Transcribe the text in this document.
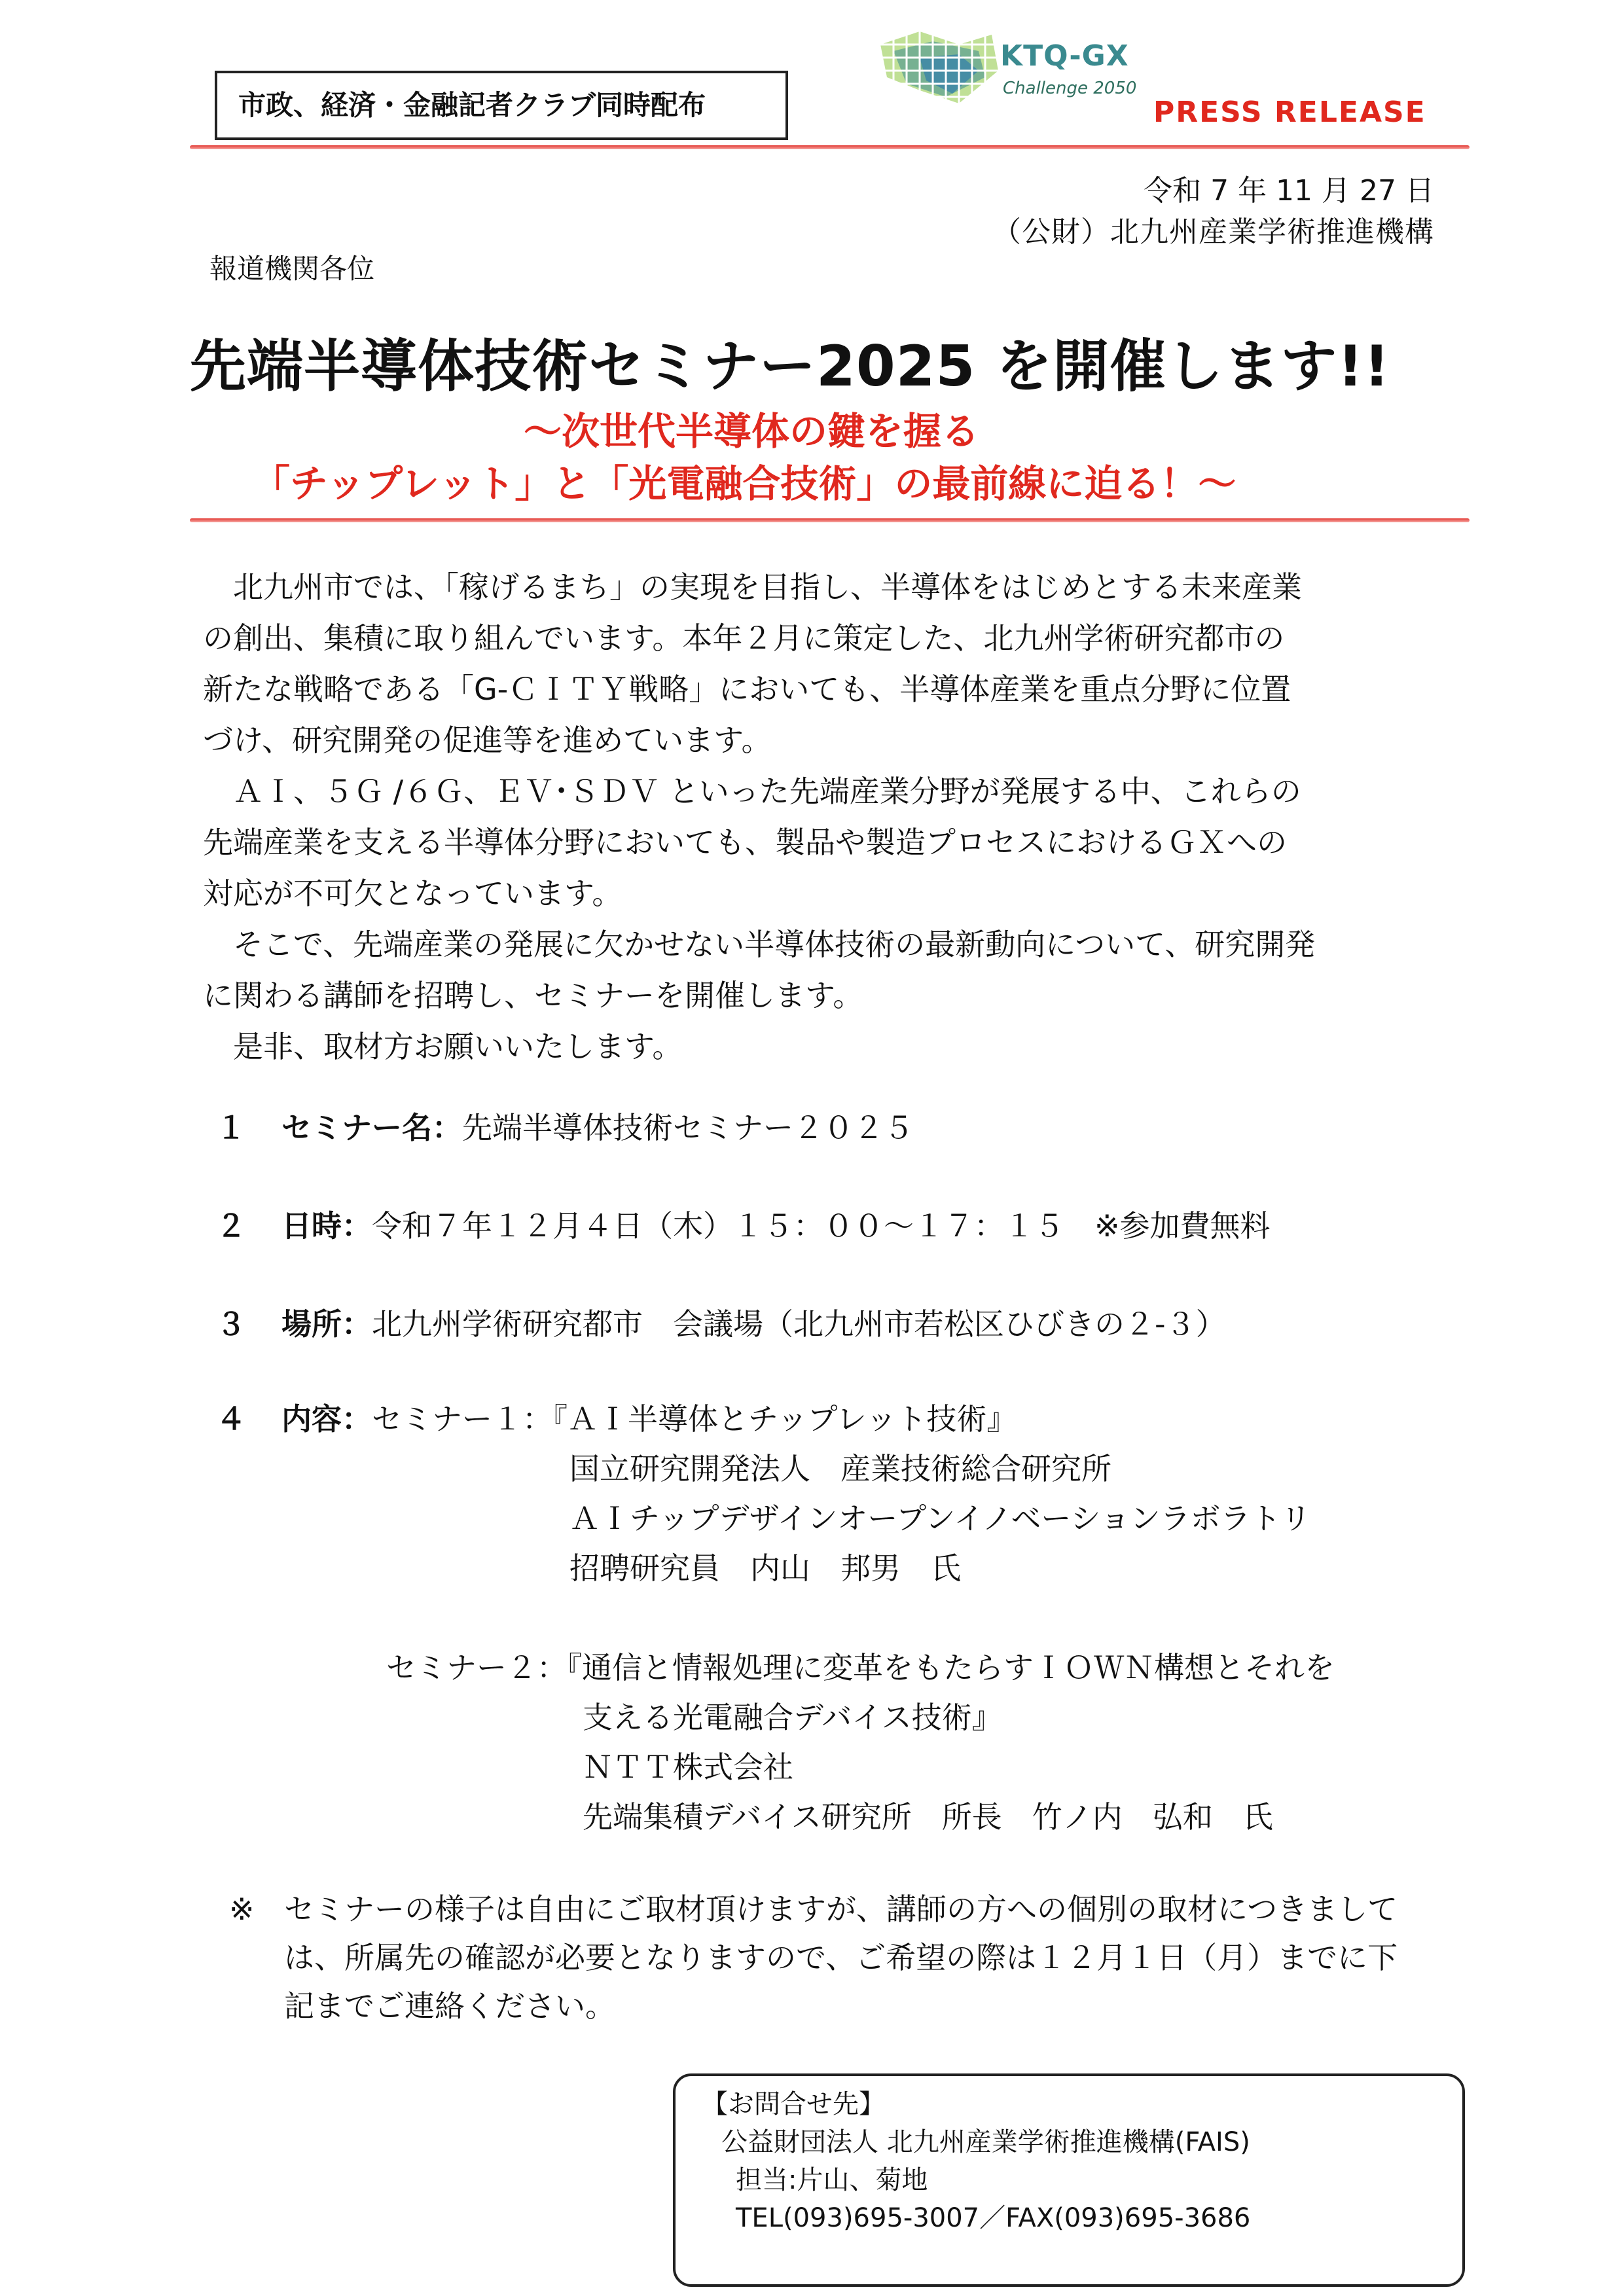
市政、経済・金融記者クラブ同時配布
KTQ-GX
Challenge 2050
PRESS RELEASE
令和 7 年 11 月 27 日
（公財）北九州産業学術推進機構
報道機関各位
先端半導体技術セミナー2025 を開催します!!
～次世代半導体の鍵を握る
「チップレット」と「光電融合技術」の最前線に迫る！～

　北九州市では、「稼げるまち」の実現を目指し、半導体をはじめとする未来産業

の創出、集積に取り組んでいます。本年２月に策定した、北九州学術研究都市の

新たな戦略である「G-ＣＩＴＹ戦略」においても、半導体産業を重点分野に位置

づけ、研究開発の促進等を進めています。

　ＡＩ、５Ｇ /６Ｇ、ＥＶ･ＳＤＶ といった先端産業分野が発展する中、これらの

先端産業を支える半導体分野においても、製品や製造プロセスにおけるＧＸへの

対応が不可欠となっています。

　そこで、先端産業の発展に欠かせない半導体技術の最新動向について、研究開発

に関わる講師を招聘し、セミナーを開催します。

　是非、取材方お願いいたします。

１ セミナー名：先端半導体技術セミナー２０２５
２ 日時：令和７年１２月４日（木）１５：００～１７：１５　※参加費無料
３ 場所：北九州学術研究都市　会議場（北九州市若松区ひびきの２-３）
４ 内容：セミナー１：『ＡＩ半導体とチップレット技術』
国立研究開発法人　産業技術総合研究所
ＡＩチップデザインオープンイノベーションラボラトリ
招聘研究員　内山　邦男　氏
セミナー２：『通信と情報処理に変革をもたらすＩＯＷＮ構想とそれを
支える光電融合デバイス技術』
ＮＴＴ株式会社
先端集積デバイス研究所　所長　竹ノ内　弘和　氏
※ セミナーの様子は自由にご取材頂けますが、講師の方への個別の取材につきまして
は、所属先の確認が必要となりますので、ご希望の際は１２月１日（月）までに下
記までご連絡ください。
【お問合せ先】
公益財団法人 北九州産業学術推進機構(FAIS)
担当:片山、菊地
TEL(093)695-3007／FAX(093)695-3686
